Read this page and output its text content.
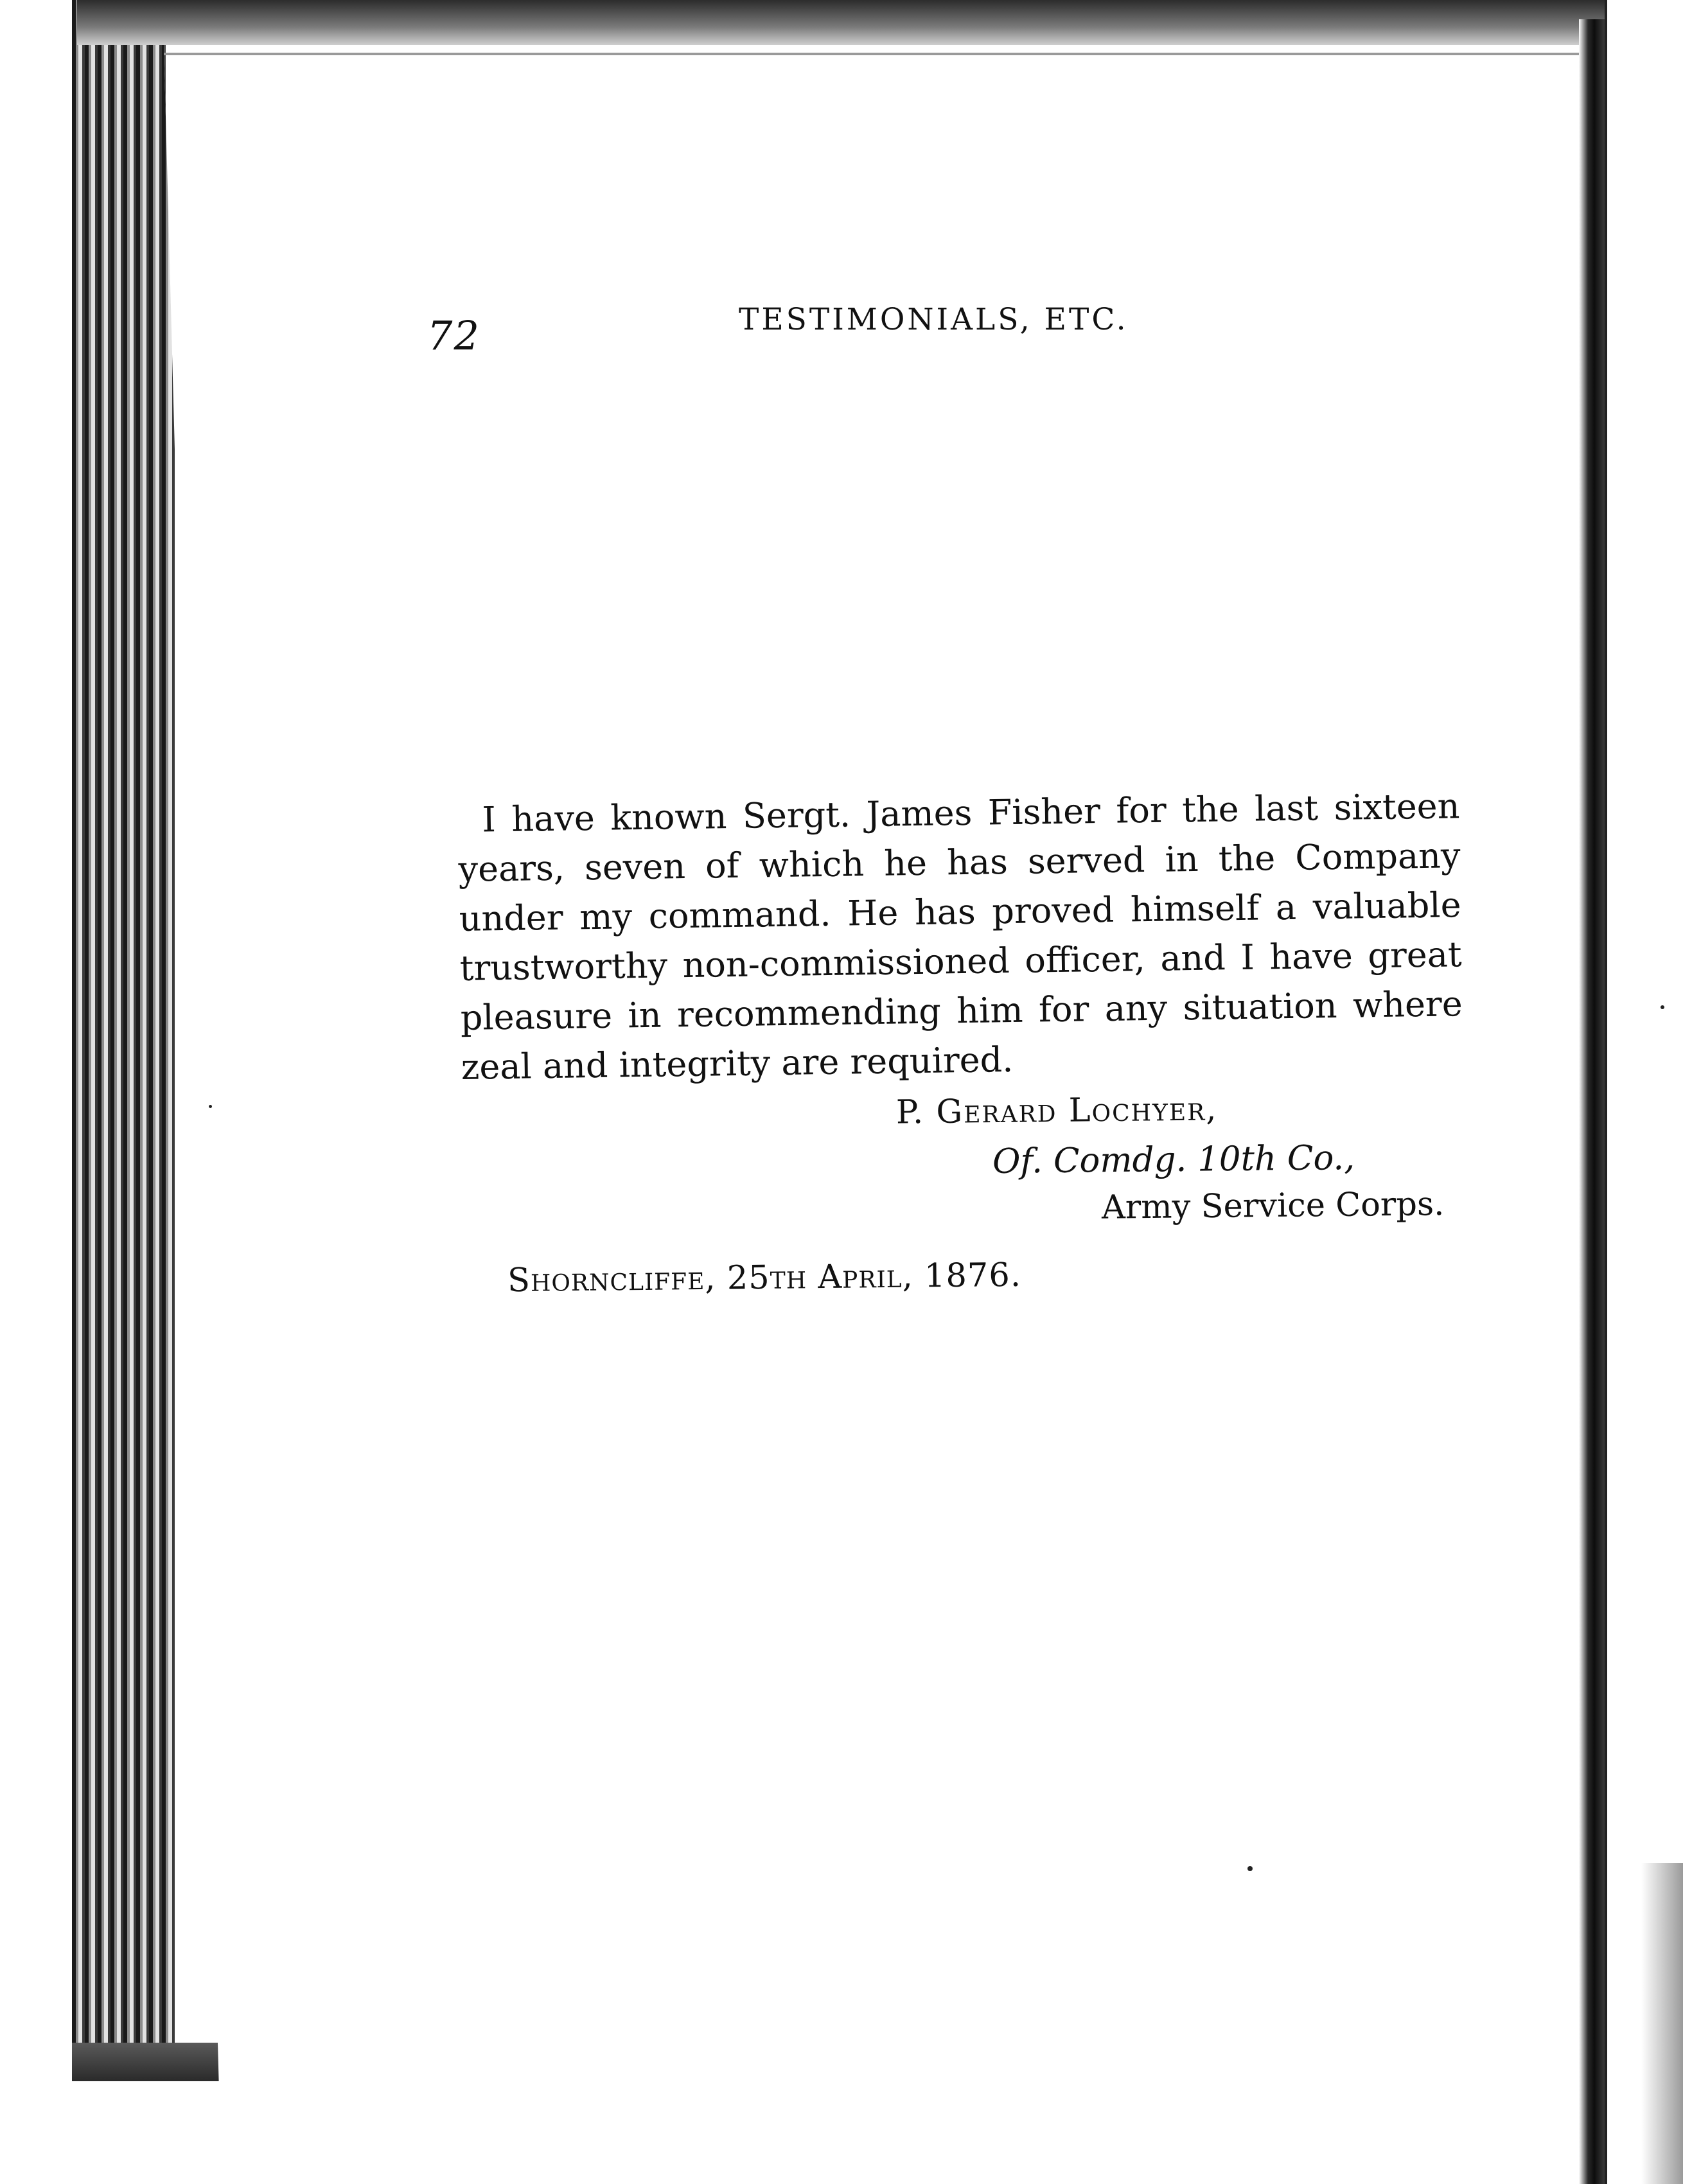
72	TESTIMONIALS, ETC.
I have known Sergt. James Fisher for the last sixteen years, seven of which he has served in the Company under my command. He has proved himself a valuable trustworthy non-commissioned officer, and I have great pleasure in recommending him for any situation where zeal and integrity are required.
P. Gerard Lochyer,
Of. Comdg. 10th Co.,
Army Service Corps.
Shorncliffe, 25th April, 1876.
